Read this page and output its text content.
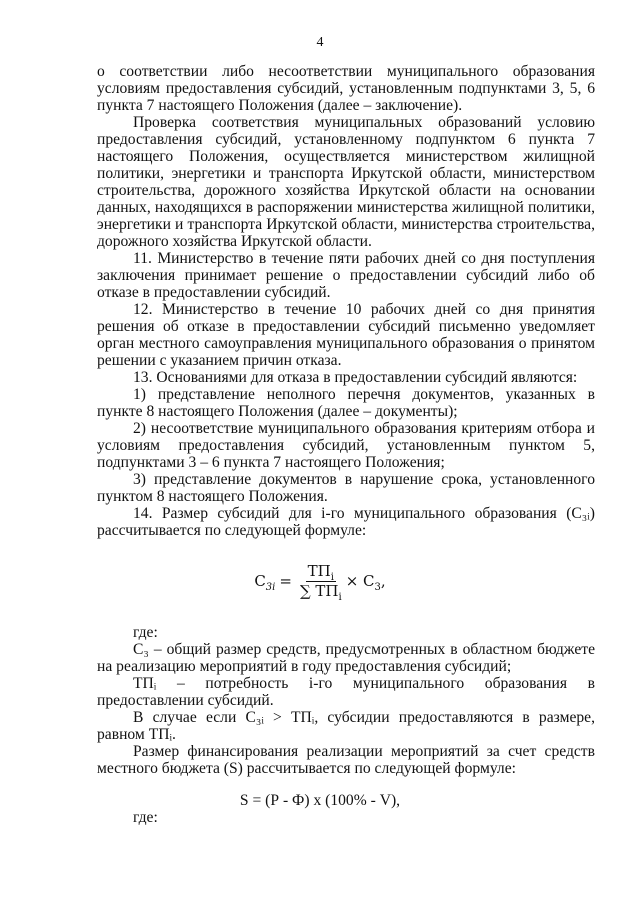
4

о соответствии либо несоответствии муниципального образования условиям предоставления субсидий, установленным подпунктами 3, 5, 6 пункта 7 настоящего Положения (далее – заключение).

Проверка соответствия муниципальных образований условию предоставления субсидий, установленному подпунктом 6 пункта 7 настоящего Положения, осуществляется министерством жилищной политики, энергетики и транспорта Иркутской области, министерством строительства, дорожного хозяйства Иркутской области на основании данных, находящихся в распоряжении министерства жилищной политики, энергетики и транспорта Иркутской области, министерства строительства, дорожного хозяйства Иркутской области.

11. Министерство в течение пяти рабочих дней со дня поступления заключения принимает решение о предоставлении субсидий либо об отказе в предоставлении субсидий.

12. Министерство в течение 10 рабочих дней со дня принятия решения об отказе в предоставлении субсидий письменно уведомляет орган местного самоуправления муниципального образования о принятом решении с указанием причин отказа.

13. Основаниями для отказа в предоставлении субсидий являются:

1) представление неполного перечня документов, указанных в пункте 8 настоящего Положения (далее – документы);

2) несоответствие муниципального образования критериям отбора и условиям предоставления субсидий, установленным пунктом 5, подпунктами 3 – 6 пункта 7 настоящего Положения;

3) представление документов в нарушение срока, установленного пунктом 8 настоящего Положения.

14. Размер субсидий для i-го муниципального образования (С₃ᵢ) рассчитывается по следующей формуле:

$С_{3i} = \frac{ТП_i}{\sum ТП_i} \times С_3$,

где:

С₃ – общий размер средств, предусмотренных в областном бюджете на реализацию мероприятий в году предоставления субсидий;

ТПᵢ – потребность i-го муниципального образования в предоставлении субсидий.

В случае если С₃ᵢ > ТПᵢ, субсидии предоставляются в размере, равном ТПᵢ.

Размер финансирования реализации мероприятий за счет средств местного бюджета (S) рассчитывается по следующей формуле:

S = (Р - Ф) х (100% - V),
где:
